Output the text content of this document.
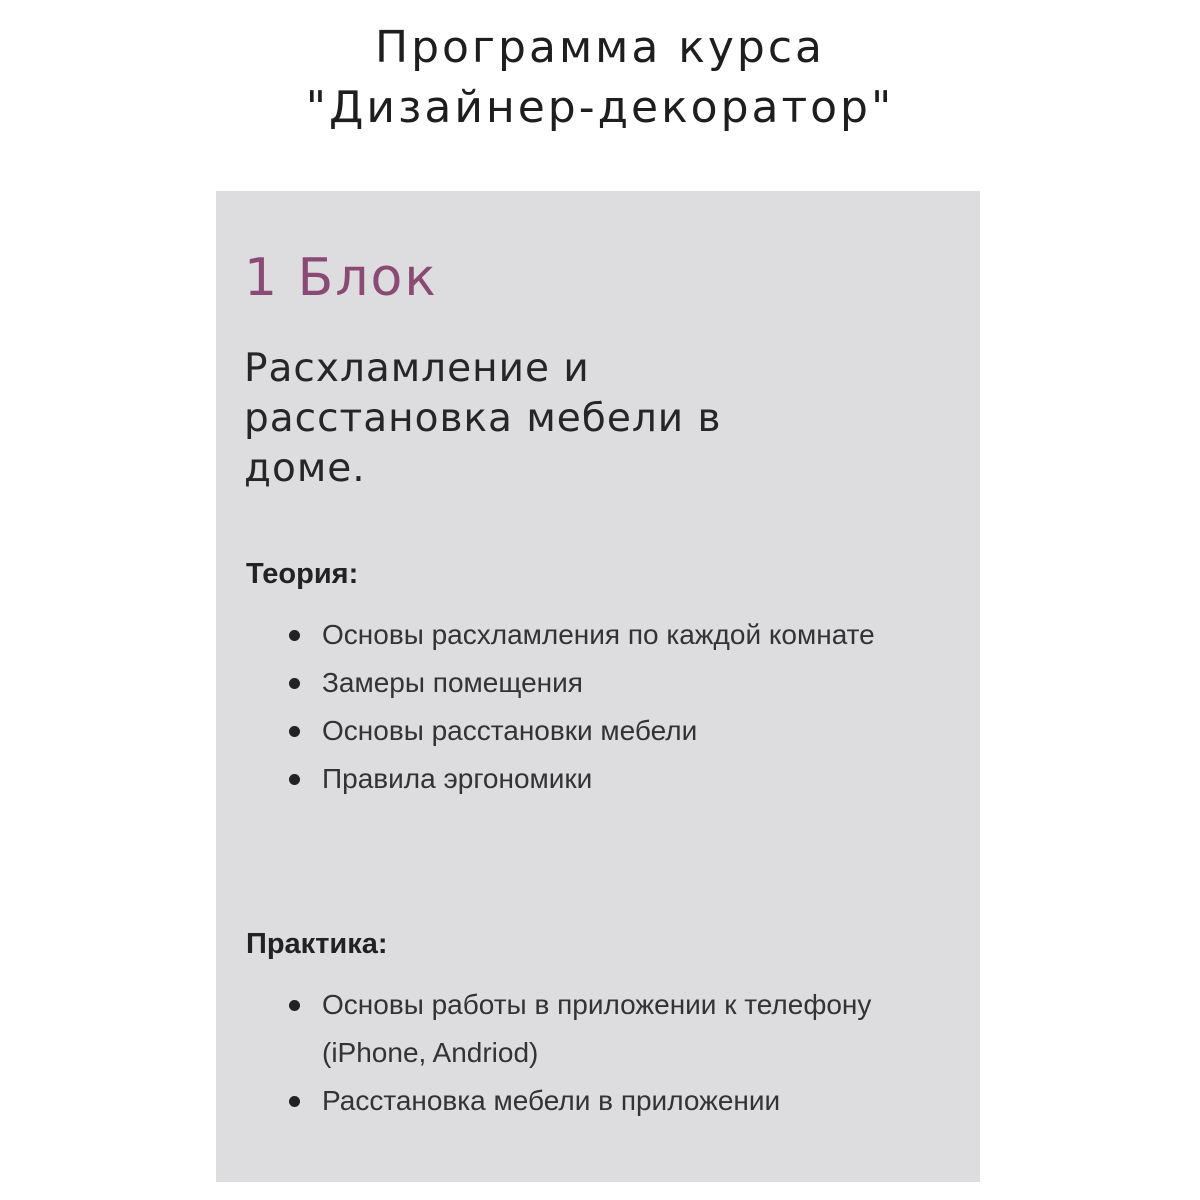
Программа курса
"Дизайнер-декоратор"
1 Блок

Расхламление и расстановка мебели в доме.

Теория:
Основы расхламления по каждой комнате
Замеры помещения
Основы расстановки мебели
Правила эргономики
Практика:
Основы работы в приложении к телефону (iPhone, Andriod)
Расстановка мебели в приложении
